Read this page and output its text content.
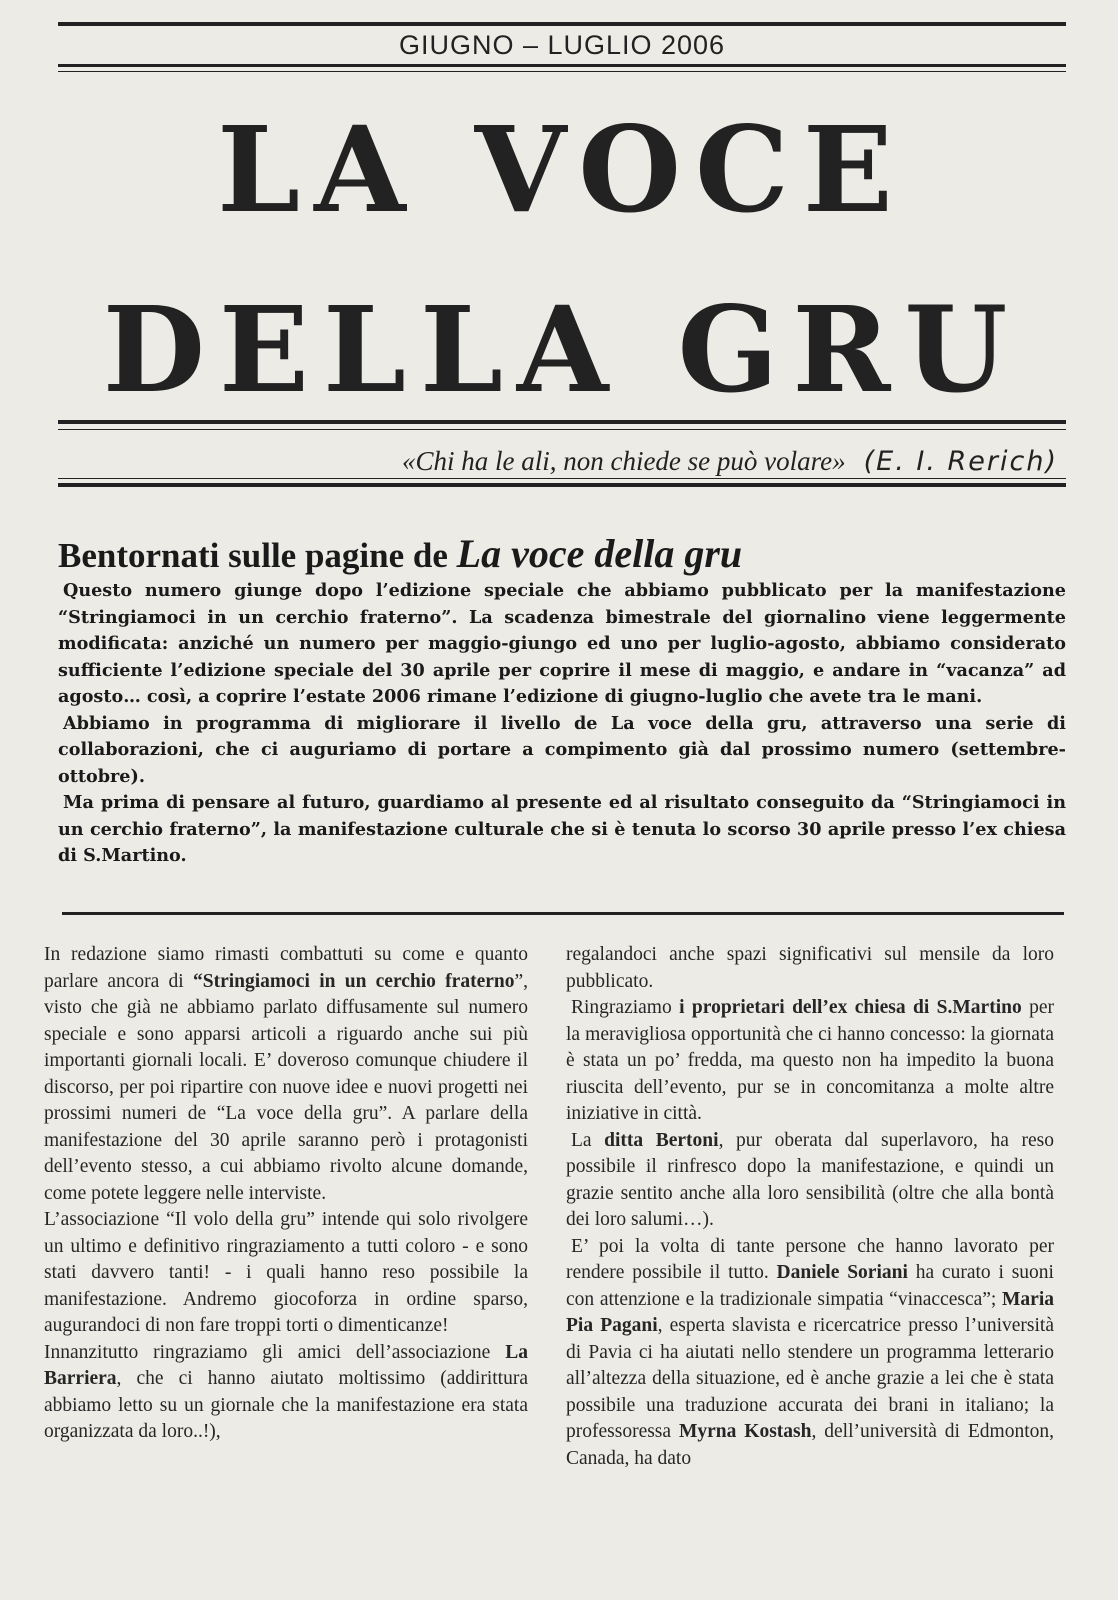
GIUGNO – LUGLIO 2006
LA VOCE
DELLA GRU
«Chi ha le ali, non chiede se può volare» (E. I. Rerich)
Bentornati sulle pagine de La voce della gru

Questo numero giunge dopo l’edizione speciale che abbiamo pubblicato per la manifestazione “Stringiamoci in un cerchio fraterno”. La scadenza bimestrale del giornalino viene leggermente modificata: anziché un numero per maggio-giungo ed uno per luglio-agosto, abbiamo considerato sufficiente l’edizione speciale del 30 aprile per coprire il mese di maggio, e andare in “vacanza” ad agosto… così, a coprire l’estate 2006 rimane l’edizione di giugno-luglio che avete tra le mani.

Abbiamo in programma di migliorare il livello de La voce della gru, attraverso una serie di collaborazioni, che ci auguriamo di portare a compimento già dal prossimo numero (settembre-ottobre).

Ma prima di pensare al futuro, guardiamo al presente ed al risultato conseguito da “Stringiamoci in un cerchio fraterno”, la manifestazione culturale che si è tenuta lo scorso 30 aprile presso l’ex chiesa di S.Martino.

In redazione siamo rimasti combattuti su come e quanto parlare ancora di “Stringiamoci in un cerchio fraterno”, visto che già ne abbiamo parlato diffusamente sul numero speciale e sono apparsi articoli a riguardo anche sui più importanti giornali locali. E’ doveroso comunque chiudere il discorso, per poi ripartire con nuove idee e nuovi progetti nei prossimi numeri de “La voce della gru”. A parlare della manifestazione del 30 aprile saranno però i protagonisti dell’evento stesso, a cui abbiamo rivolto alcune domande, come potete leggere nelle interviste.

L’associazione “Il volo della gru” intende qui solo rivolgere un ultimo e definitivo ringraziamento a tutti coloro - e sono stati davvero tanti! - i quali hanno reso possibile la manifestazione. Andremo giocoforza in ordine sparso, augurandoci di non fare troppi torti o dimenticanze!

Innanzitutto ringraziamo gli amici dell’associazione La Barriera, che ci hanno aiutato moltissimo (addirittura abbiamo letto su un giornale che la manifestazione era stata organizzata da loro..!),

regalandoci anche spazi significativi sul mensile da loro pubblicato.

Ringraziamo i proprietari dell’ex chiesa di S.Martino per la meravigliosa opportunità che ci hanno concesso: la giornata è stata un po’ fredda, ma questo non ha impedito la buona riuscita dell’evento, pur se in concomitanza a molte altre iniziative in città.

La ditta Bertoni, pur oberata dal superlavoro, ha reso possibile il rinfresco dopo la manifestazione, e quindi un grazie sentito anche alla loro sensibilità (oltre che alla bontà dei loro salumi…).

E’ poi la volta di tante persone che hanno lavorato per rendere possibile il tutto. Daniele Soriani ha curato i suoni con attenzione e la tradizionale simpatia “vinaccesca”; Maria Pia Pagani, esperta slavista e ricercatrice presso l’università di Pavia ci ha aiutati nello stendere un programma letterario all’altezza della situazione, ed è anche grazie a lei che è stata possibile una traduzione accurata dei brani in italiano; la professoressa Myrna Kostash, dell’università di Edmonton, Canada, ha dato
